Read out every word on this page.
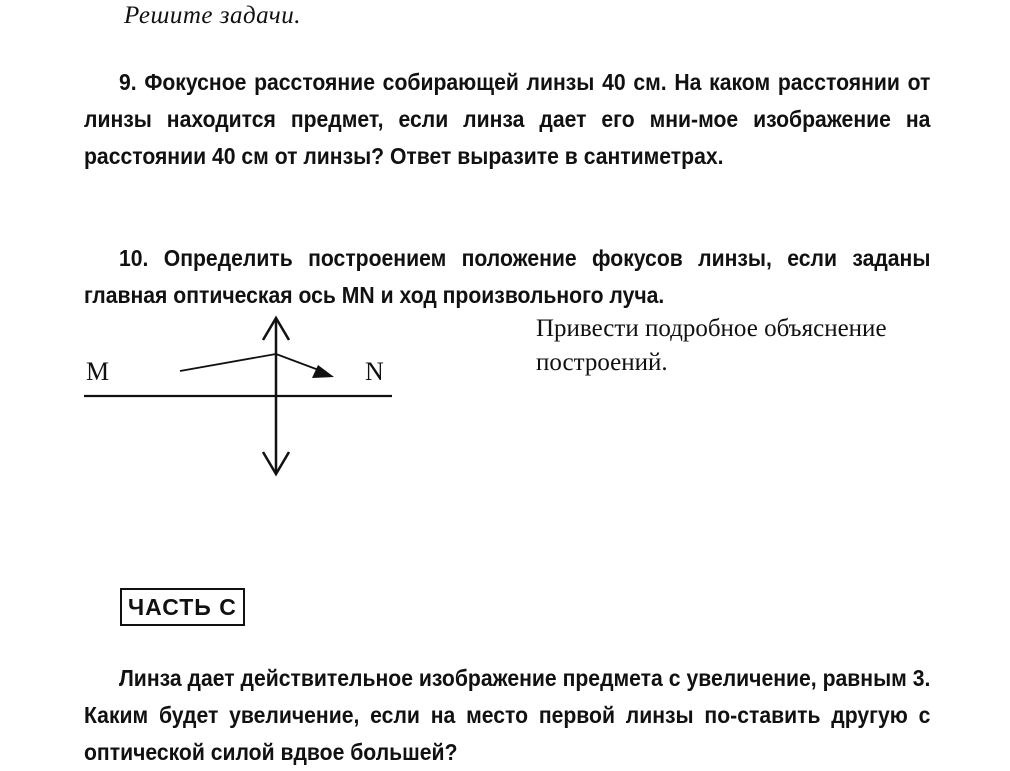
Решите задачи.
9. Фокусное расстояние собирающей линзы 40 см. На каком расстоянии от линзы находится предмет, если линза дает его мни-мое изображение на расстоянии 40 см от линзы? Ответ выразите в сантиметрах.
10. Определить построением положение фокусов линзы, если заданы главная оптическая ось MN и ход произвольного луча.
Привести подробное объяснение построений.
M	N
ЧАСТЬ С
Линза дает действительное изображение предмета с увеличение, равным 3. Каким будет увеличение, если на место первой линзы по-ставить другую с оптической силой вдвое большей?
